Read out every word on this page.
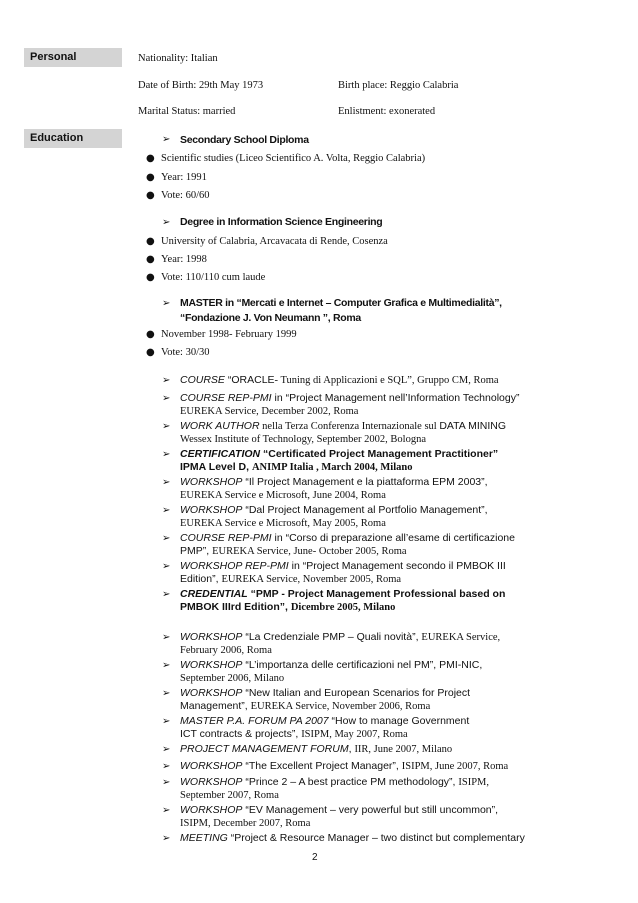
Personal	Nationality: Italian
Date of Birth: 29th May 1973	Birth place: Reggio Calabria
Marital Status: married	Enlistment: exonerated
Education	➢ Secondary School Diploma
● Scientific studies (Liceo Scientifico A. Volta, Reggio Calabria)
● Year: 1991
● Vote: 60/60
➢ Degree in Information Science Engineering
● University of Calabria, Arcavacata di Rende, Cosenza
● Year: 1998
● Vote: 110/110 cum laude
➢ MASTER in “Mercati e Internet – Computer Grafica e Multimedialità”,
“Fondazione J. Von Neumann ”, Roma
● November 1998- February 1999
● Vote: 30/30
➢ COURSE “ORACLE- Tuning di Applicazioni e SQL”, Gruppo CM, Roma
➢ COURSE REP-PMI in “Project Management nell’Information Technology”
EUREKA Service, December 2002, Roma
➢ WORK AUTHOR nella Terza Conferenza Internazionale sul DATA MINING
Wessex Institute of Technology, September 2002, Bologna
➢ CERTIFICATION “Certificated Project Management Practitioner”
IPMA Level D, ANIMP Italia , March 2004, Milano
➢ WORKSHOP “Il Project Management e la piattaforma EPM 2003”,
EUREKA Service e Microsoft, June 2004, Roma
➢ WORKSHOP “Dal Project Management al Portfolio Management”,
EUREKA Service e Microsoft, May 2005, Roma
➢ COURSE REP-PMI in “Corso di preparazione all’esame di certificazione
PMP”, EUREKA Service, June- October 2005, Roma
➢ WORKSHOP REP-PMI in “Project Management secondo il PMBOK III
Edition”, EUREKA Service, November 2005, Roma
➢ CREDENTIAL “PMP - Project Management Professional based on
PMBOK IIIrd Edition”, Dicembre 2005, Milano
➢ WORKSHOP “La Credenziale PMP – Quali novità”, EUREKA Service,
February 2006, Roma
➢ WORKSHOP “L’importanza delle certificazioni nel PM”, PMI-NIC,
September 2006, Milano
➢ WORKSHOP “New Italian and European Scenarios for Project
Management”, EUREKA Service, November 2006, Roma
➢ MASTER P.A. FORUM PA 2007 “How to manage Government
ICT contracts & projects”, ISIPM, May 2007, Roma
➢ PROJECT MANAGEMENT FORUM, IIR, June 2007, Milano
➢ WORKSHOP “The Excellent Project Manager”, ISIPM, June 2007, Roma
➢ WORKSHOP “Prince 2 – A best practice PM methodology”, ISIPM,
September 2007, Roma
➢ WORKSHOP “EV Management – very powerful but still uncommon”,
ISIPM, December 2007, Roma
➢ MEETING “Project & Resource Manager – two distinct but complementary
2
